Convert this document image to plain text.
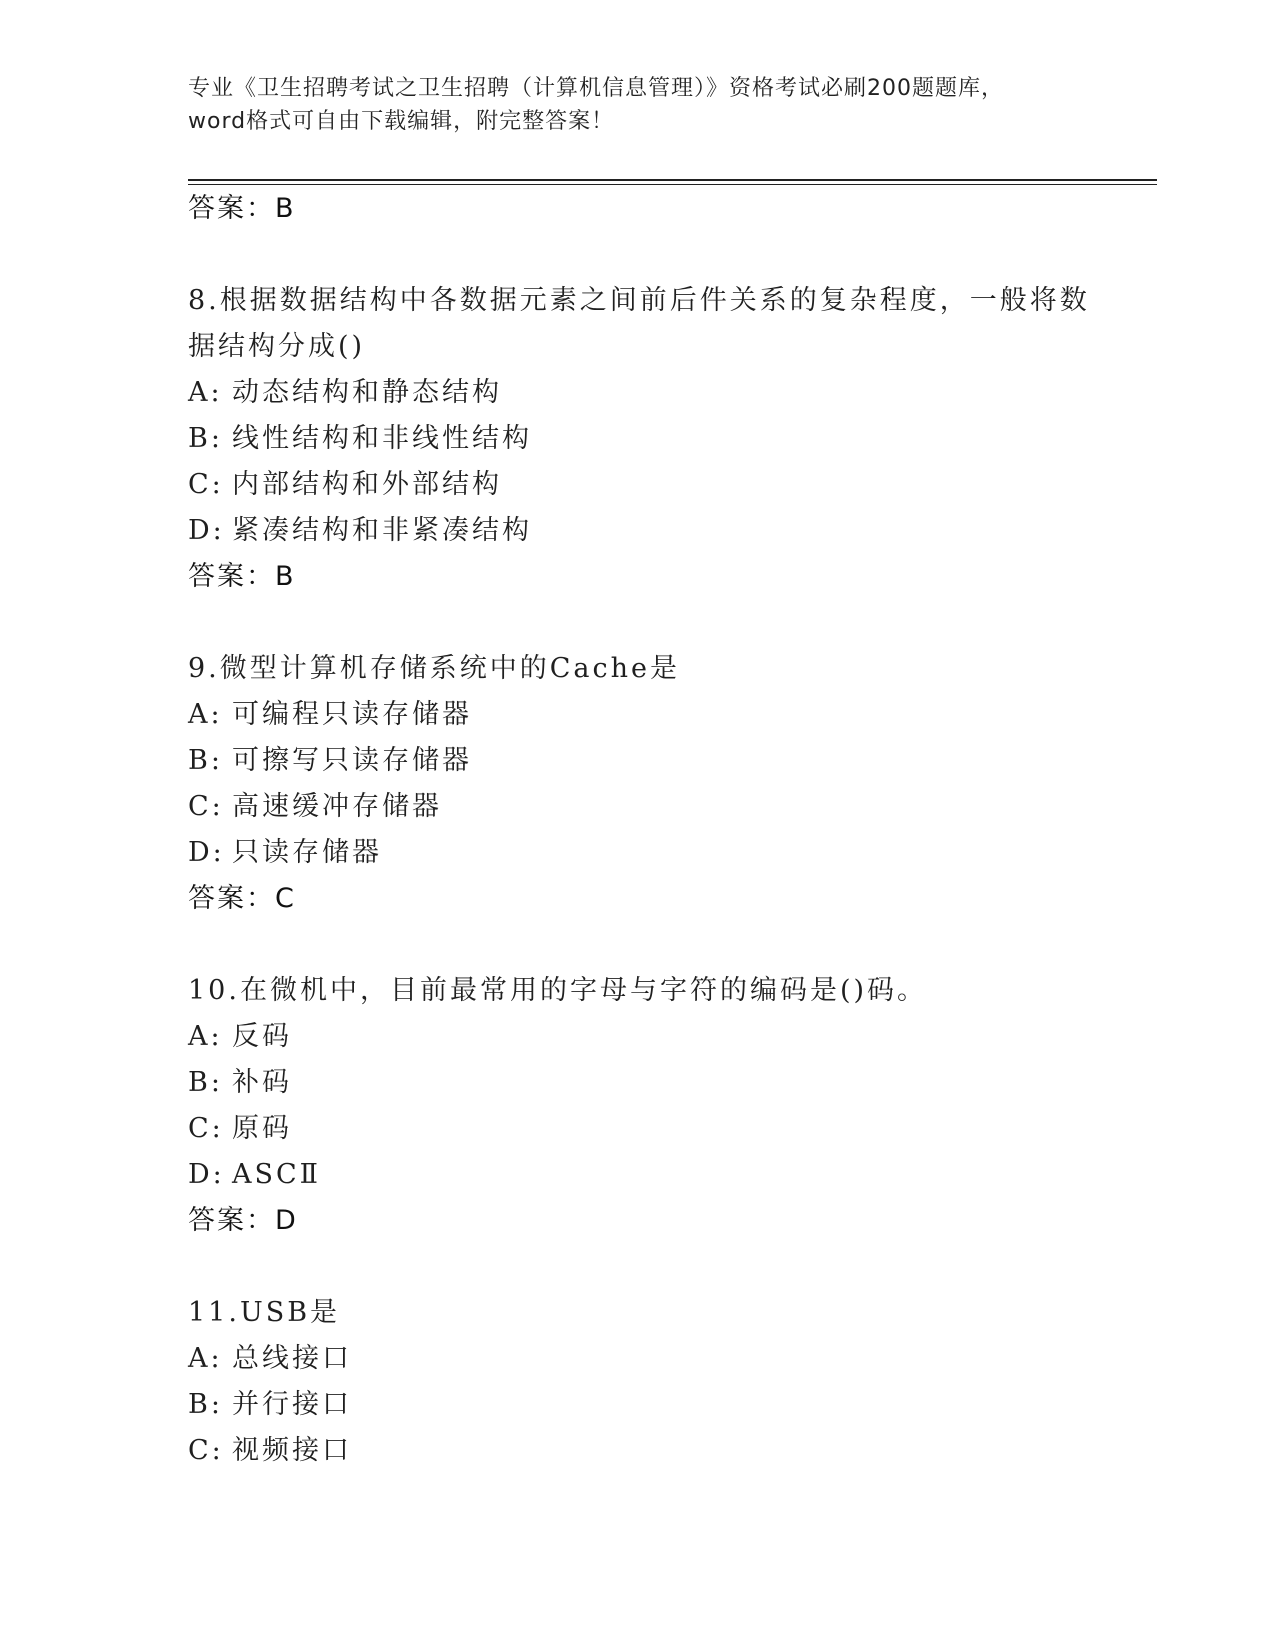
专业《卫生招聘考试之卫生招聘（计算机信息管理）》资格考试必刷200题题库，
word格式可自由下载编辑，附完整答案！
答案：B
8.根据数据结构中各数据元素之间前后件关系的复杂程度，一般将数
据结构分成()
A: 动态结构和静态结构
B: 线性结构和非线性结构
C: 内部结构和外部结构
D: 紧凑结构和非紧凑结构
答案：B
9.微型计算机存储系统中的Cache是
A: 可编程只读存储器
B: 可擦写只读存储器
C: 高速缓冲存储器
D: 只读存储器
答案：C
10.在微机中，目前最常用的字母与字符的编码是()码。
A: 反码
B: 补码
C: 原码
D: ASCⅡ
答案：D
11.USB是
A: 总线接口
B: 并行接口
C: 视频接口
